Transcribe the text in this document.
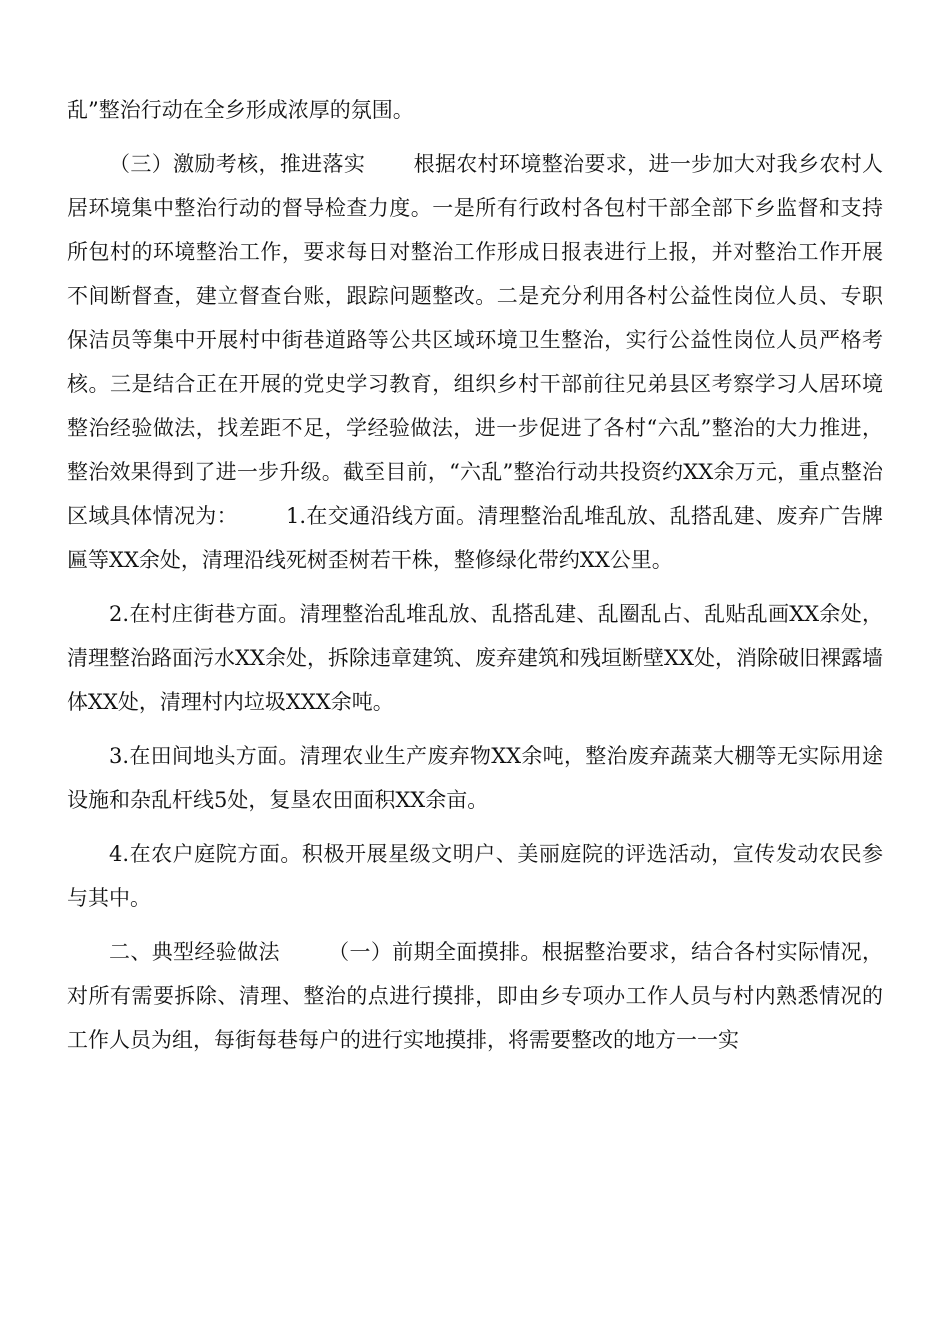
乱”整治行动在全乡形成浓厚的氛围。

（三）激励考核，推进落实 根据农村环境整治要求，进一步加大对我乡农村人居环境集中整治行动的督导检查力度。一是所有行政村各包村干部全部下乡监督和支持所包村的环境整治工作，要求每日对整治工作形成日报表进行上报，并对整治工作开展不间断督查，建立督查台账，跟踪问题整改。二是充分利用各村公益性岗位人员、专职保洁员等集中开展村中街巷道路等公共区域环境卫生整治，实行公益性岗位人员严格考核。三是结合正在开展的党史学习教育，组织乡村干部前往兄弟县区考察学习人居环境整治经验做法，找差距不足，学经验做法，进一步促进了各村“六乱”整治的大力推进，整治效果得到了进一步升级。截至目前，“六乱”整治行动共投资约XX余万元，重点整治区域具体情况为： 1.在交通沿线方面。清理整治乱堆乱放、乱搭乱建、废弃广告牌匾等XX余处，清理沿线死树歪树若干株，整修绿化带约XX公里。

2.在村庄街巷方面。清理整治乱堆乱放、乱搭乱建、乱圈乱占、乱贴乱画XX余处，清理整治路面污水XX余处，拆除违章建筑、废弃建筑和残垣断壁XX处，消除破旧裸露墙体XX处，清理村内垃圾XXX余吨。

3.在田间地头方面。清理农业生产废弃物XX余吨，整治废弃蔬菜大棚等无实际用途设施和杂乱杆线5处，复垦农田面积XX余亩。

4.在农户庭院方面。积极开展星级文明户、美丽庭院的评选活动，宣传发动农民参与其中。

二、典型经验做法 （一）前期全面摸排。根据整治要求，结合各村实际情况，对所有需要拆除、清理、整治的点进行摸排，即由乡专项办工作人员与村内熟悉情况的工作人员为组，每街每巷每户的进行实地摸排，将需要整改的地方一一实
